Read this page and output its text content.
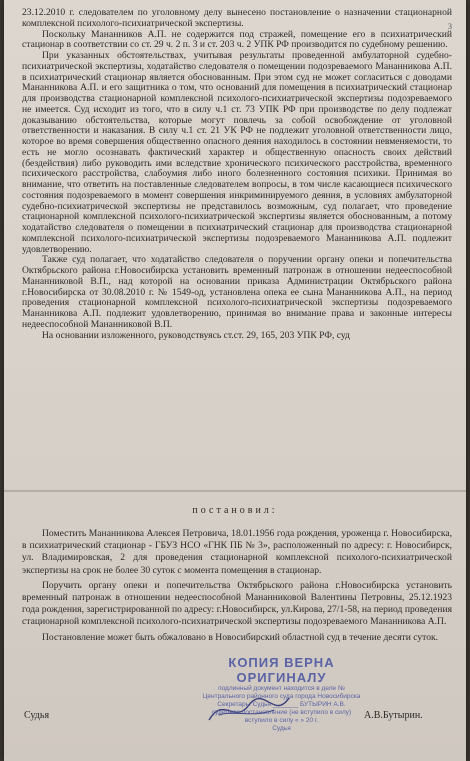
3

23.12.2010 г. следователем по уголовному делу вынесено постановление о назначении стационарной комплексной психолого-психиатрической экспертизы.

Поскольку Мананников А.П. не содержится под стражей, помещение его в психиатрический стационар в соответствии со ст. 29 ч. 2 п. 3 и ст. 203 ч. 2 УПК РФ производится по судебному решению.

При указанных обстоятельствах, учитывая результаты проведенной амбулаторной судебно-психиатрической экспертизы, ходатайство следователя о помещении подозреваемого Мананникова А.П. в психиатрический стационар является обоснованным. При этом суд не может согласиться с доводами Мананникова А.П. и его защитника о том, что оснований для помещения в психиатрический стационар для производства стационарной комплексной психолого-психиатрической экспертизы подозреваемого не имеется. Суд исходит из того, что в силу ч.1 ст. 73 УПК РФ при производстве по делу подлежат доказыванию обстоятельства, которые могут повлечь за собой освобождение от уголовной ответственности и наказания. В силу ч.1 ст. 21 УК РФ не подлежит уголовной ответственности лицо, которое во время совершения общественно опасного деяния находилось в состоянии невменяемости, то есть не могло осознавать фактический характер и общественную опасность своих действий (бездействия) либо руководить ими вследствие хронического психического расстройства, временного психического расстройства, слабоумия либо иного болезненного состояния психики. Принимая во внимание, что ответить на поставленные следователем вопросы, в том числе касающиеся психического состояния подозреваемого в момент совершения инкриминируемого деяния, в условиях амбулаторной судебно-психиатрической экспертизы не представилось возможным, суд полагает, что проведение стационарной комплексной психолого-психиатрической экспертизы является обоснованным, а потому ходатайство следователя о помещении в психиатрический стационар для производства стационарной комплексной психолого-психиатрической экспертизы подозреваемого Мананникова А.П. подлежит удовлетворению.

Также суд полагает, что ходатайство следователя о поручении органу опеки и попечительства Октябрьского района г.Новосибирска установить временный патронаж в отношении недееспособной Мананниковой В.П., над которой на основании приказа Администрации Октябрьского района г.Новосибирска от 30.08.2010 г. № 1549-од, установлена опека ее сына Мананникова А.П., на период проведения стационарной комплексной психолого-психиатрической экспертизы подозреваемого Мананникова А.П. подлежит удовлетворению, принимая во внимание права и законные интересы недееспособной Мананниковой В.П.

На основании изложенного, руководствуясь ст.ст. 29, 165, 203 УПК РФ, суд

постановил:

Поместить Мананникова Алексея Петровича, 18.01.1956 года рождения, уроженца г. Новосибирска, в психиатрический стационар - ГБУЗ НСО «ГНК ПБ № 3», расположенный по адресу: г. Новосибирск, ул. Владимировская, 2 для проведения стационарной комплексной психолого-психиатрической экспертизы на срок не более 30 суток с момента помещения в стационар.

Поручить органу опеки и попечительства Октябрьского района г.Новосибирска установить временный патронаж в отношении недееспособной Мананниковой Валентины Петровны, 25.12.1923 года рождения, зарегистрированной по адресу: г.Новосибирск, ул.Кирова, 27/1-58, на период проведения стационарной комплексной психолого-психиатрической экспертизы подозреваемого Мананникова А.П.

Постановление может быть обжаловано в Новосибирский областной суд в течение десяти суток.

Судья	А.В.Бутырин.
КОПИЯ ВЕРНА ОРИГИНАЛУ
подлинный документ находится в деле №
Центрального районного суда города Новосибирска
Секретарь: Судья _______ БУТЫРИН А.В.
судебное постановление (не вступило в силу)
вступило в силу « » 20 г.
Судья
